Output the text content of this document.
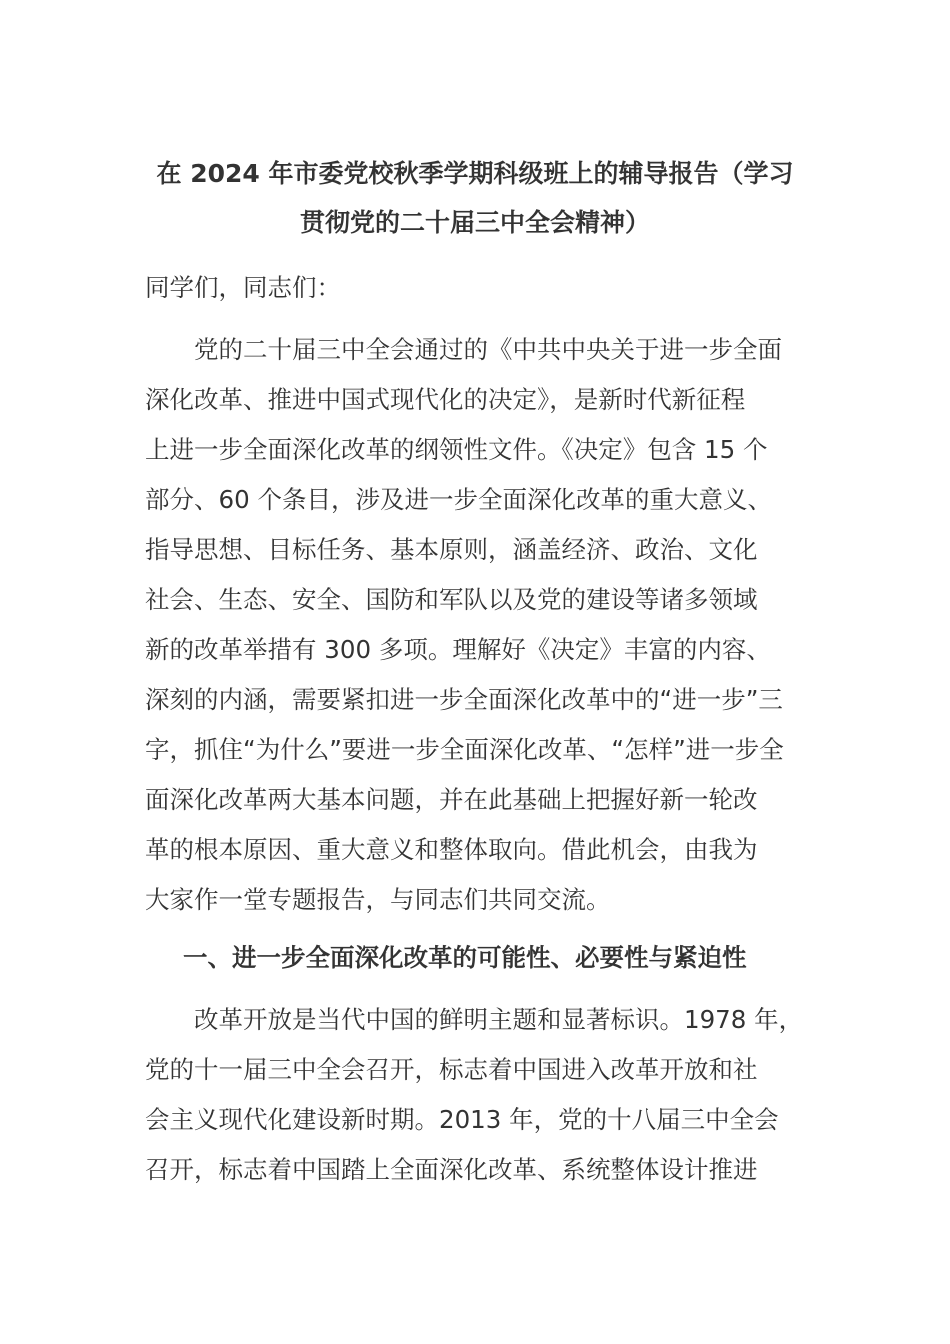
在 2024 年市委党校秋季学期科级班上的辅导报告（学习
贯彻党的二十届三中全会精神）

同学们，同志们：

　　党的二十届三中全会通过的《中共中央关于进一步全面
深化改革、推进中国式现代化的决定》，是新时代新征程
上进一步全面深化改革的纲领性文件。《决定》包含 15 个
部分、60 个条目，涉及进一步全面深化改革的重大意义、
指导思想、目标任务、基本原则，涵盖经济、政治、文化
社会、生态、安全、国防和军队以及党的建设等诸多领域
新的改革举措有 300 多项。理解好《决定》丰富的内容、
深刻的内涵，需要紧扣进一步全面深化改革中的“进一步”三
字，抓住“为什么”要进一步全面深化改革、“怎样”进一步全
面深化改革两大基本问题，并在此基础上把握好新一轮改
革的根本原因、重大意义和整体取向。借此机会，由我为
大家作一堂专题报告，与同志们共同交流。

一、进一步全面深化改革的可能性、必要性与紧迫性

　　改革开放是当代中国的鲜明主题和显著标识。1978 年，
党的十一届三中全会召开，标志着中国进入改革开放和社
会主义现代化建设新时期。2013 年，党的十八届三中全会
召开，标志着中国踏上全面深化改革、系统整体设计推进
